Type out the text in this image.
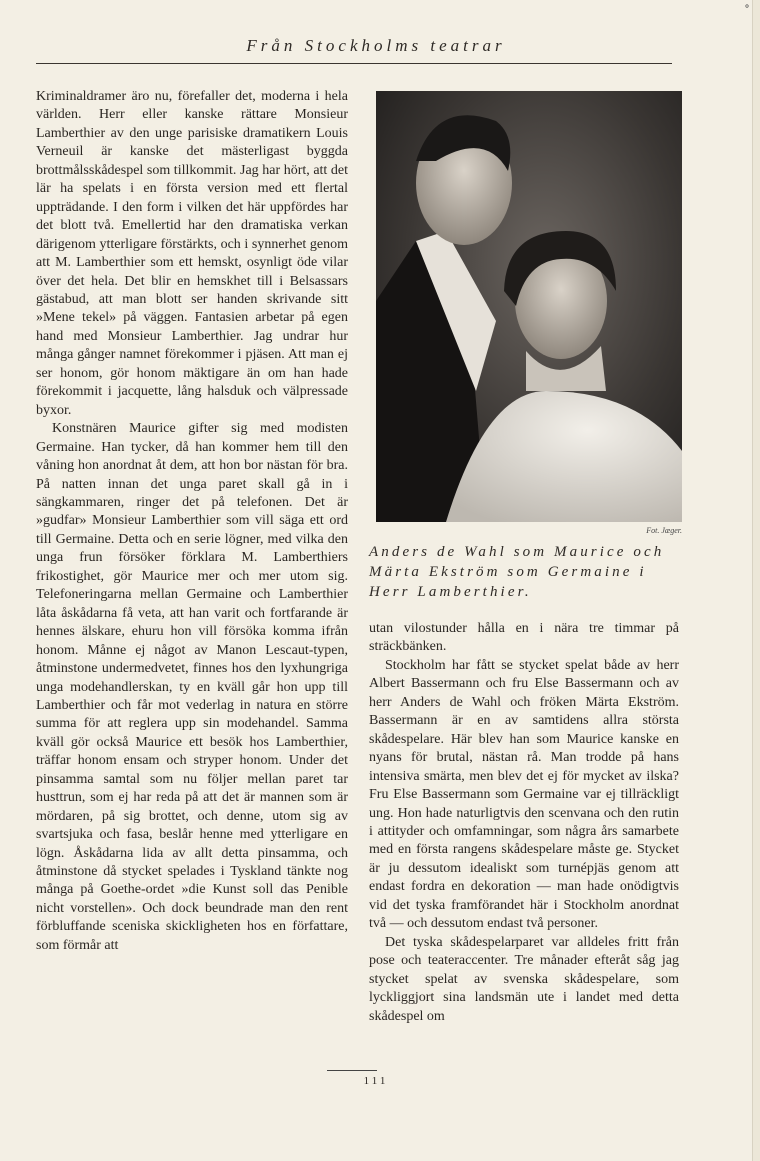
˚
Från Stockholms teatrar

Kriminaldramer äro nu, förefaller det, moderna i hela världen. Herr eller kanske rättare Monsieur Lamberthier av den unge parisiske dramatikern Louis Verneuil är kanske det mästerligast byggda brottmålsskådespel som tillkommit. Jag har hört, att det lär ha spelats i en första version med ett flertal uppträdande. I den form i vilken det här uppfördes har det blott två. Emellertid har den dramatiska verkan därigenom ytterligare förstärkts, och i synnerhet genom att M. Lamberthier som ett hemskt, osynligt öde vilar över det hela. Det blir en hemskhet till i Belsassars gästabud, att man blott ser handen skrivande sitt »Mene tekel» på väggen. Fantasien arbetar på egen hand med Monsieur Lamberthier. Jag undrar hur många gånger namnet förekommer i pjäsen. Att man ej ser honom, gör honom mäktigare än om han hade förekommit i jacquette, lång halsduk och välpressade byxor.

Konstnären Maurice gifter sig med modisten Germaine. Han tycker, då han kommer hem till den våning hon anordnat åt dem, att hon bor nästan för bra. På natten innan det unga paret skall gå in i sängkammaren, ringer det på telefonen. Det är »gudfar» Monsieur Lamberthier som vill säga ett ord till Germaine. Detta och en serie lögner, med vilka den unga frun försöker förklara M. Lamberthiers frikostighet, gör Maurice mer och mer utom sig. Telefoneringarna mellan Germaine och Lamberthier låta åskådarna få veta, att han varit och fortfarande är hennes älskare, ehuru hon vill försöka komma ifrån honom. Månne ej något av Manon Lescaut-typen, åtminstone undermedvetet, finnes hos den lyxhungriga unga modehandlerskan, ty en kväll går hon upp till Lamberthier och får mot vederlag in natura en större summa för att reglera upp sin modehandel. Samma kväll gör också Maurice ett besök hos Lamberthier, träffar honom ensam och stryper honom. Under det pinsamma samtal som nu följer mellan paret tar husttrun, som ej har reda på att det är mannen som är mördaren, på sig brottet, och denne, utom sig av svartsjuka och fasa, beslår henne med ytterligare en lögn. Åskådarna lida av allt detta pinsamma, och åtminstone då stycket spelades i Tyskland tänkte nog många på Goethe-ordet »die Kunst soll das Penible nicht vorstellen». Och dock beundrade man den rent förbluffande sceniska skickligheten hos en författare, som förmår att

Fot. Jæger.
Anders de Wahl som Maurice och Märta Ekström som Germaine i Herr Lamberthier.

utan vilostunder hålla en i nära tre timmar på sträckbänken.

Stockholm har fått se stycket spelat både av herr Albert Bassermann och fru Else Bassermann och av herr Anders de Wahl och fröken Märta Ekström. Bassermann är en av samtidens allra största skådespelare. Här blev han som Maurice kanske en nyans för brutal, nästan rå. Man trodde på hans intensiva smärta, men blev det ej för mycket av ilska? Fru Else Bassermann som Germaine var ej tillräckligt ung. Hon hade naturligtvis den scenvana och den rutin i attityder och omfamningar, som några års samarbete med en första rangens skådespelare måste ge. Stycket är ju dessutom idealiskt som turnépjäs genom att endast fordra en dekoration — man hade onödigtvis vid det tyska framförandet här i Stockholm anordnat två — och dessutom endast två personer.

Det tyska skådespelarparet var alldeles fritt från pose och teateraccenter. Tre månader efteråt såg jag stycket spelat av svenska skådespelare, som lyckliggjort sina landsmän ute i landet med detta skådespel om

111
